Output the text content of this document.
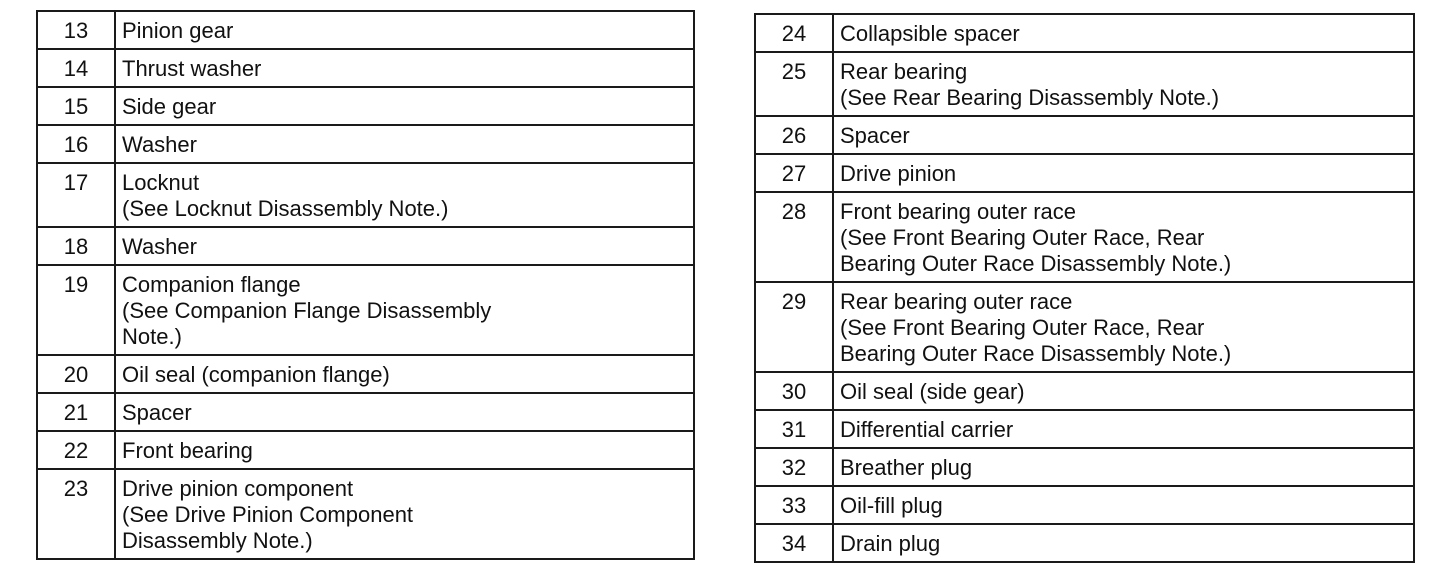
13	Pinion gear

14	Thrust washer

15	Side gear

16	Washer

17	Locknut
(See Locknut Disassembly Note.)

18	Washer

19	Companion flange
(See Companion Flange Disassembly
Note.)

20	Oil seal (companion flange)

21	Spacer

22	Front bearing

23	Drive pinion component
(See Drive Pinion Component
Disassembly Note.)
24	Collapsible spacer

25	Rear bearing
(See Rear Bearing Disassembly Note.)

26	Spacer

27	Drive pinion

28	Front bearing outer race
(See Front Bearing Outer Race, Rear
Bearing Outer Race Disassembly Note.)

29	Rear bearing outer race
(See Front Bearing Outer Race, Rear
Bearing Outer Race Disassembly Note.)

30	Oil seal (side gear)

31	Differential carrier

32	Breather plug

33	Oil-fill plug

34	Drain plug
